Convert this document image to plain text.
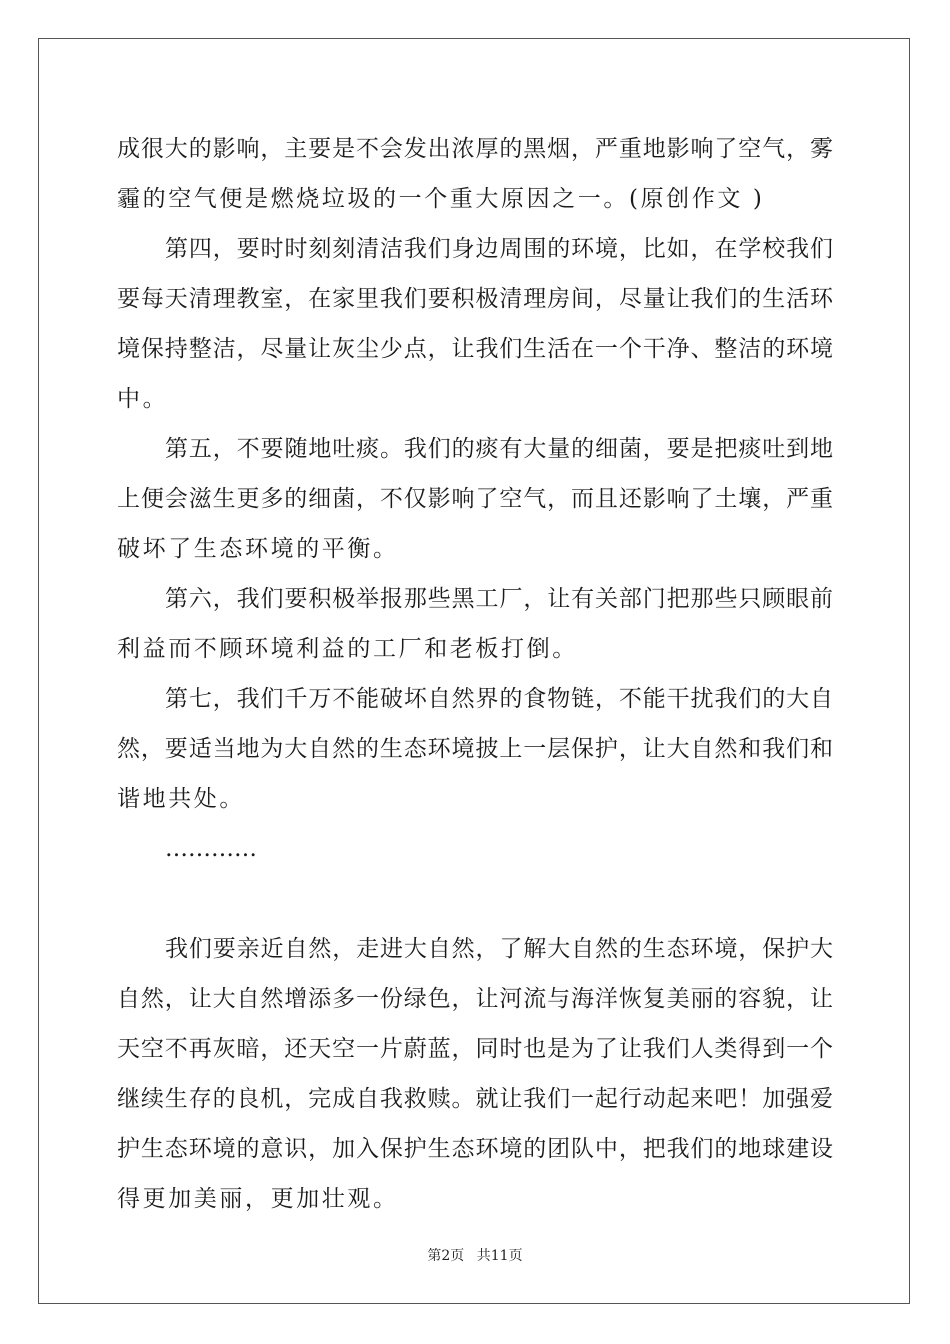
成很大的影响，主要是不会发出浓厚的黑烟，严重地影响了空气，雾
霾的空气便是燃烧垃圾的一个重大原因之一。(原创作文 )
第四，要时时刻刻清洁我们身边周围的环境，比如，在学校我们
要每天清理教室，在家里我们要积极清理房间，尽量让我们的生活环
境保持整洁，尽量让灰尘少点，让我们生活在一个干净、整洁的环境
中。
第五，不要随地吐痰。我们的痰有大量的细菌，要是把痰吐到地
上便会滋生更多的细菌，不仅影响了空气，而且还影响了土壤，严重
破坏了生态环境的平衡。
第六，我们要积极举报那些黑工厂，让有关部门把那些只顾眼前
利益而不顾环境利益的工厂和老板打倒。
第七，我们千万不能破坏自然界的食物链，不能干扰我们的大自
然，要适当地为大自然的生态环境披上一层保护，让大自然和我们和
谐地共处。
…………
我们要亲近自然，走进大自然，了解大自然的生态环境，保护大
自然，让大自然增添多一份绿色，让河流与海洋恢复美丽的容貌，让
天空不再灰暗，还天空一片蔚蓝，同时也是为了让我们人类得到一个
继续生存的良机，完成自我救赎。就让我们一起行动起来吧！加强爱
护生态环境的意识，加入保护生态环境的团队中，把我们的地球建设
得更加美丽，更加壮观。
第2页 共11页
